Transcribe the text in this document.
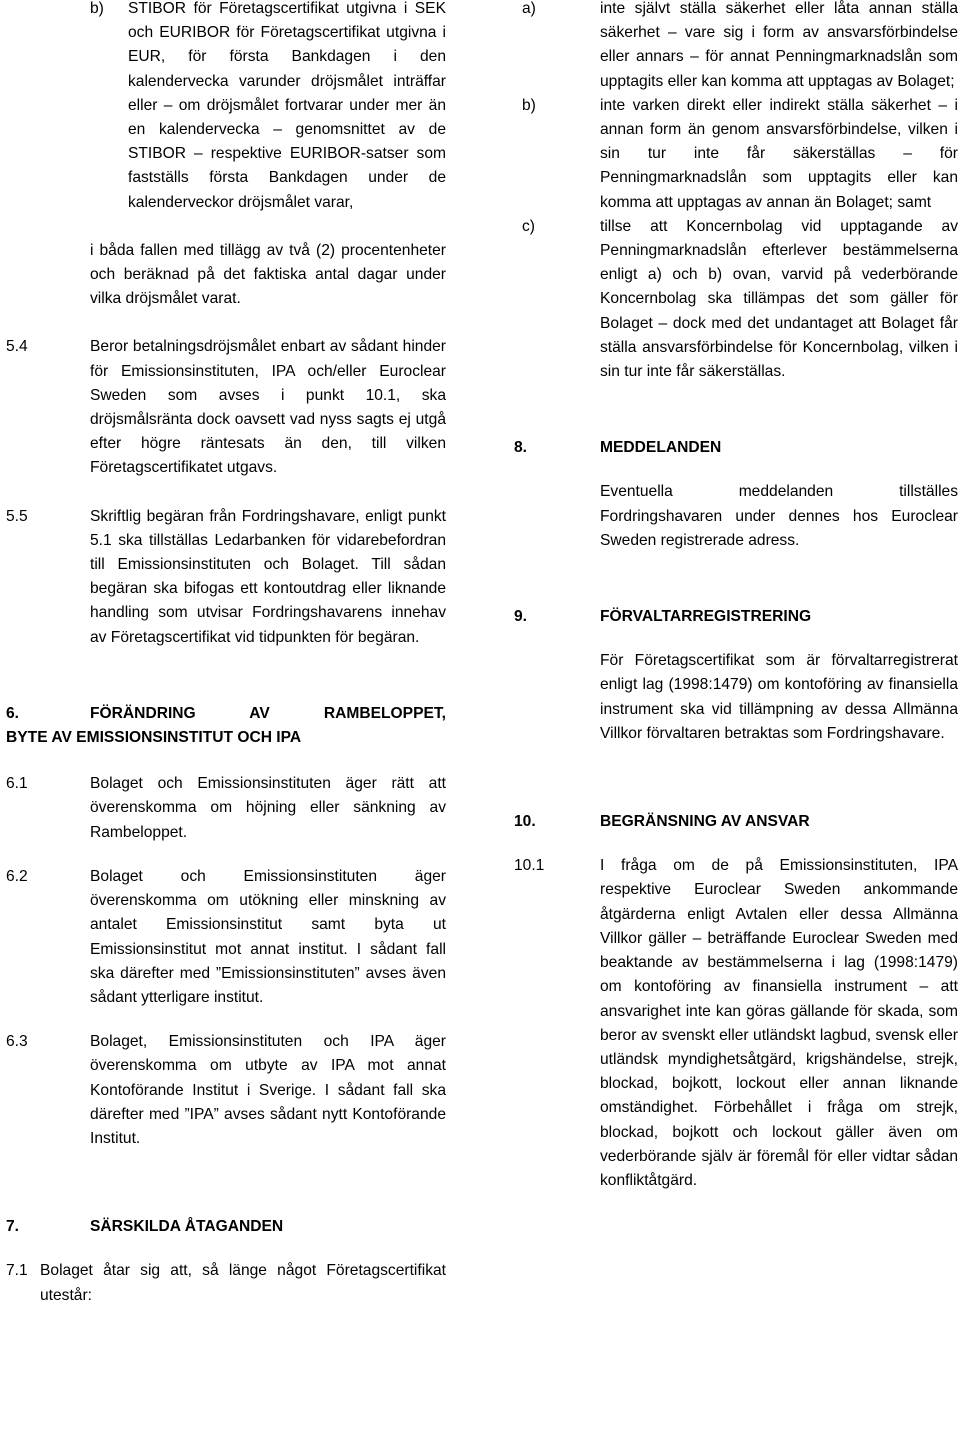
b)	STIBOR för Företagscertifikat utgivna i SEK och EURIBOR för Företagscertifikat utgivna i EUR, för första Bankdagen i den kalendervecka varunder dröjsmålet inträffar eller – om dröjsmålet fortvarar under mer än en kalendervecka – genomsnittet av de STIBOR – respektive EURIBOR-satser som fastställs första Bankdagen under de kalenderveckor dröjsmålet varar,
i båda fallen med tillägg av två (2) procentenheter och beräknad på det faktiska antal dagar under vilka dröjsmålet varat.
5.4	Beror betalningsdröjsmålet enbart av sådant hinder för Emissionsinstituten, IPA och/eller Euroclear Sweden som avses i punkt 10.1, ska dröjsmålsränta dock oavsett vad nyss sagts ej utgå efter högre räntesats än den, till vilken Företagscertifikatet utgavs.
5.5	Skriftlig begäran från Fordringshavare, enligt punkt 5.1 ska tillställas Ledarbanken för vidarebefordran till Emissionsinstituten och Bolaget. Till sådan begäran ska bifogas ett kontoutdrag eller liknande handling som utvisar Fordringshavarens innehav av Företagscertifikat vid tidpunkten för begäran.
6.	FÖRÄNDRING AV RAMBELOPPET,
BYTE AV EMISSIONSINSTITUT OCH IPA
6.1	Bolaget och Emissionsinstituten äger rätt att överenskomma om höjning eller sänkning av Rambeloppet.
6.2	Bolaget och Emissionsinstituten äger överenskomma om utökning eller minskning av antalet Emissionsinstitut samt byta ut Emissionsinstitut mot annat institut. I sådant fall ska därefter med ”Emissionsinstituten” avses även sådant ytterligare institut.
6.3	Bolaget, Emissionsinstituten och IPA äger överenskomma om utbyte av IPA mot annat Kontoförande Institut i Sverige. I sådant fall ska därefter med ”IPA” avses sådant nytt Kontoförande Institut.
7.	SÄRSKILDA ÅTAGANDEN
7.1 Bolaget åtar sig att, så länge något Företagscertifikat utestår:
a)	inte självt ställa säkerhet eller låta annan ställa säkerhet – vare sig i form av ansvarsförbindelse eller annars – för annat Penningmarknadslån som upptagits eller kan komma att upptagas av Bolaget;
b)	inte varken direkt eller indirekt ställa säkerhet – i annan form än genom ansvarsförbindelse, vilken i sin tur inte får säkerställas – för Penningmarknadslån som upptagits eller kan komma att upptagas av annan än Bolaget; samt
c)	tillse att Koncernbolag vid upptagande av Penningmarknadslån efterlever bestämmelserna enligt a) och b) ovan, varvid på vederbörande Koncernbolag ska tillämpas det som gäller för Bolaget – dock med det undantaget att Bolaget får ställa ansvarsförbindelse för Koncernbolag, vilken i sin tur inte får säkerställas.
8.	MEDDELANDEN
Eventuella meddelanden tillställes Fordringshavaren under dennes hos Euroclear Sweden registrerade adress.
9.	FÖRVALTARREGISTRERING
För Företagscertifikat som är förvaltarregistrerat enligt lag (1998:1479) om kontoföring av finansiella instrument ska vid tillämpning av dessa Allmänna Villkor förvaltaren betraktas som Fordringshavare.
10.	BEGRÄNSNING AV ANSVAR
10.1	I fråga om de på Emissionsinstituten, IPA respektive Euroclear Sweden ankommande åtgärderna enligt Avtalen eller dessa Allmänna Villkor gäller – beträffande Euroclear Sweden med beaktande av bestämmelserna i lag (1998:1479) om kontoföring av finansiella instrument – att ansvarighet inte kan göras gällande för skada, som beror av svenskt eller utländskt lagbud, svensk eller utländsk myndighetsåtgärd, krigshändelse, strejk, blockad, bojkott, lockout eller annan liknande omständighet. Förbehållet i fråga om strejk, blockad, bojkott och lockout gäller även om vederbörande själv är föremål för eller vidtar sådan konfliktåtgärd.
